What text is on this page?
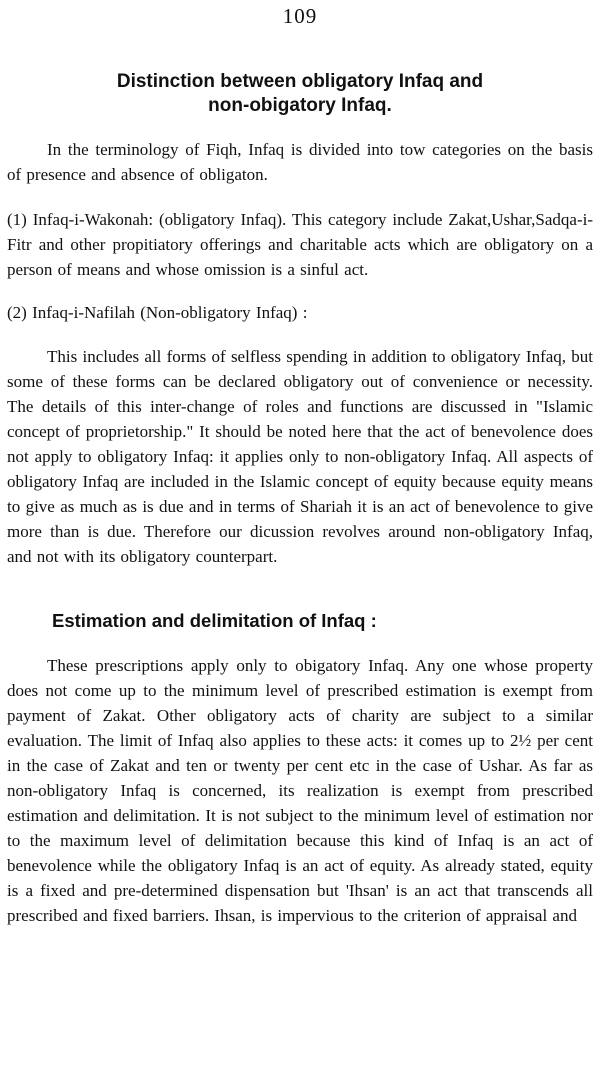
109
Distinction between obligatory Infaq and
non-obigatory Infaq.

In the terminology of Fiqh, Infaq is divided into tow categories on the basis of presence and absence of obligaton.

(1) Infaq-i-Wakonah: (obligatory Infaq). This category include Zakat,Ushar,Sadqa-i-Fitr and other propitiatory offerings and charitable acts which are obligatory on a person of means and whose omission is a sinful act.

(2) Infaq-i-Nafilah (Non-obligatory Infaq) :

This includes all forms of selfless spending in addition to obligatory Infaq, but some of these forms can be declared obligatory out of convenience or necessity. The details of this inter-change of roles and functions are discussed in "Islamic concept of proprietorship." It should be noted here that the act of benevolence does not apply to obligatory Infaq: it applies only to non-obligatory Infaq. All aspects of obligatory Infaq are included in the Islamic concept of equity because equity means to give as much as is due and in terms of Shariah it is an act of benevolence to give more than is due. Therefore our dicussion revolves around non-obligatory Infaq, and not with its obligatory counterpart.

Estimation and delimitation of Infaq :

These prescriptions apply only to obigatory Infaq. Any one whose property does not come up to the minimum level of prescribed estimation is exempt from payment of Zakat. Other obligatory acts of charity are subject to a similar evaluation. The limit of Infaq also applies to these acts: it comes up to 2½ per cent in the case of Zakat and ten or twenty per cent etc in the case of Ushar. As far as non-obligatory Infaq is concerned, its realization is exempt from prescribed estimation and delimitation. It is not subject to the minimum level of estimation nor to the maximum level of delimitation because this kind of Infaq is an act of benevolence while the obligatory Infaq is an act of equity. As already stated, equity is a fixed and pre-determined dispensation but 'Ihsan' is an act that transcends all prescribed and fixed barriers. Ihsan, is impervious to the criterion of appraisal and
